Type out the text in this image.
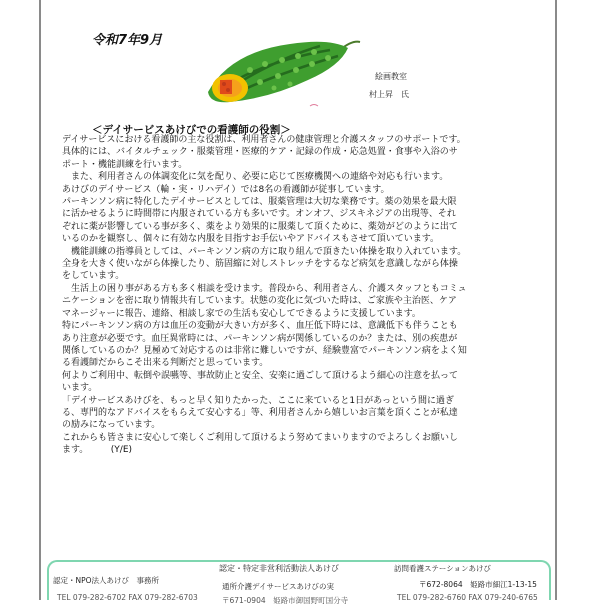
令和7年9月
絵画教室
村上昇　氏
＜デイサービスあけびでの看護師の役割＞
デイサービスにおける看護師の主な役割は、利用者さんの健康管理と介護スタッフのサポートです。
具体的には、バイタルチェック・服薬管理・医療的ケア・記録の作成・応急処置・食事や入浴のサ
ポート・機能訓練を行います。
　また、利用者さんの体調変化に気を配り、必要に応じて医療機関への連絡や対応も行います。
あけびのデイサービス（輪・実・リハデイ）では8名の看護師が従事しています。
パーキンソン病に特化したデイサービスとしては、服薬管理は大切な業務です。薬の効果を最大限
に活かせるように時間帯に内服されている方も多いです。オンオフ、ジスキネジアの出現等、それ
ぞれに薬が影響している事が多く、薬をより効果的に服薬して頂くために、薬効がどのように出て
いるのかを観察し、個々に有効な内服を目指すお手伝いやアドバイスもさせて頂いています。
　機能訓練の指導員としては、パーキンソン病の方に取り組んで頂きたい体操を取り入れています。
全身を大きく使いながら体操したり、筋固縮に対しストレッチをするなど病気を意識しながら体操
をしています。
　生活上の困り事がある方も多く相談を受けます。普段から、利用者さん、介護スタッフともコミュ
ニケーションを密に取り情報共有しています。状態の変化に気づいた時は、ご家族や主治医、ケア
マネージャーに報告、連絡、相談し家での生活も安心してできるように支援しています。
特にパーキンソン病の方は血圧の変動が大きい方が多く、血圧低下時には、意識低下も伴うことも
あり注意が必要です。血圧異常時には、パーキンソン病が関係しているのか？または、別の疾患が
関係しているのか？見極めて対応するのは非常に難しいですが、経験豊富でパーキンソン病をよく知
る看護師だからこそ出来る判断だと思っています。
何よりご利用中、転倒や誤嚥等、事故防止と安全、安楽に過ごして頂けるよう細心の注意を払って
います。
「デイサービスあけびを、もっと早く知りたかった、ここに来ていると1日があっという間に過ぎ
る、専門的なアドバイスをもらえて安心する」等、利用者さんから嬉しいお言葉を頂くことが私達
の励みになっています。
これからも皆さまに安心して楽しくご利用して頂けるよう努めてまいりますのでよろしくお願いし
ます。　　　(Y/E)
認定・特定非営利活動法人あけび	訪問看護ステーションあけび
認定・NPO法人あけび　事務所	〒672-8064　姫路市細江1-13-15
通所介護デイサービスあけびの実
TEL 079-282-6702 FAX 079-282-6703	〒671-0904　姫路市御国野町国分寺	TEL 079-282-6760 FAX 079-240-6765
